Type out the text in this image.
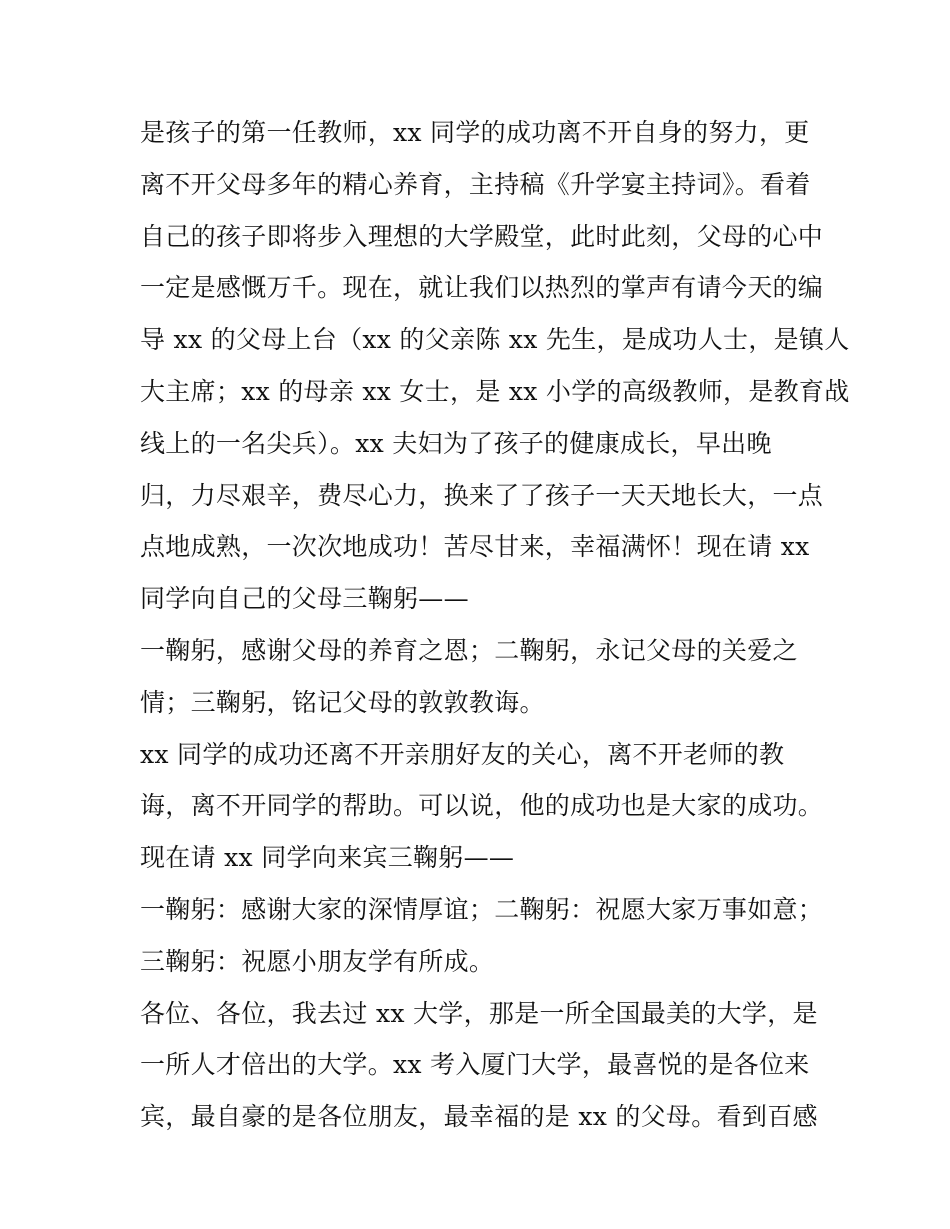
是孩子的第一任教师，xx 同学的成功离不开自身的努力，更
离不开父母多年的精心养育，主持稿《升学宴主持词》。看着
自己的孩子即将步入理想的大学殿堂，此时此刻，父母的心中
一定是感慨万千。现在，就让我们以热烈的掌声有请今天的编
导 xx 的父母上台（xx 的父亲陈 xx 先生，是成功人士，是镇人
大主席；xx 的母亲 xx 女士，是 xx 小学的高级教师，是教育战
线上的一名尖兵）。xx 夫妇为了孩子的健康成长，早出晚
归，力尽艰辛，费尽心力，换来了了孩子一天天地长大，一点
点地成熟，一次次地成功！苦尽甘来，幸福满怀！现在请 xx
同学向自己的父母三鞠躬——
一鞠躬，感谢父母的养育之恩；二鞠躬，永记父母的关爱之
情；三鞠躬，铭记父母的敦敦教诲。
xx 同学的成功还离不开亲朋好友的关心，离不开老师的教
诲，离不开同学的帮助。可以说，他的成功也是大家的成功。
现在请 xx 同学向来宾三鞠躬——
一鞠躬：感谢大家的深情厚谊；二鞠躬：祝愿大家万事如意；
三鞠躬：祝愿小朋友学有所成。
各位、各位，我去过 xx 大学，那是一所全国最美的大学，是
一所人才倍出的大学。xx 考入厦门大学，最喜悦的是各位来
宾，最自豪的是各位朋友，最幸福的是 xx 的父母。看到百感
